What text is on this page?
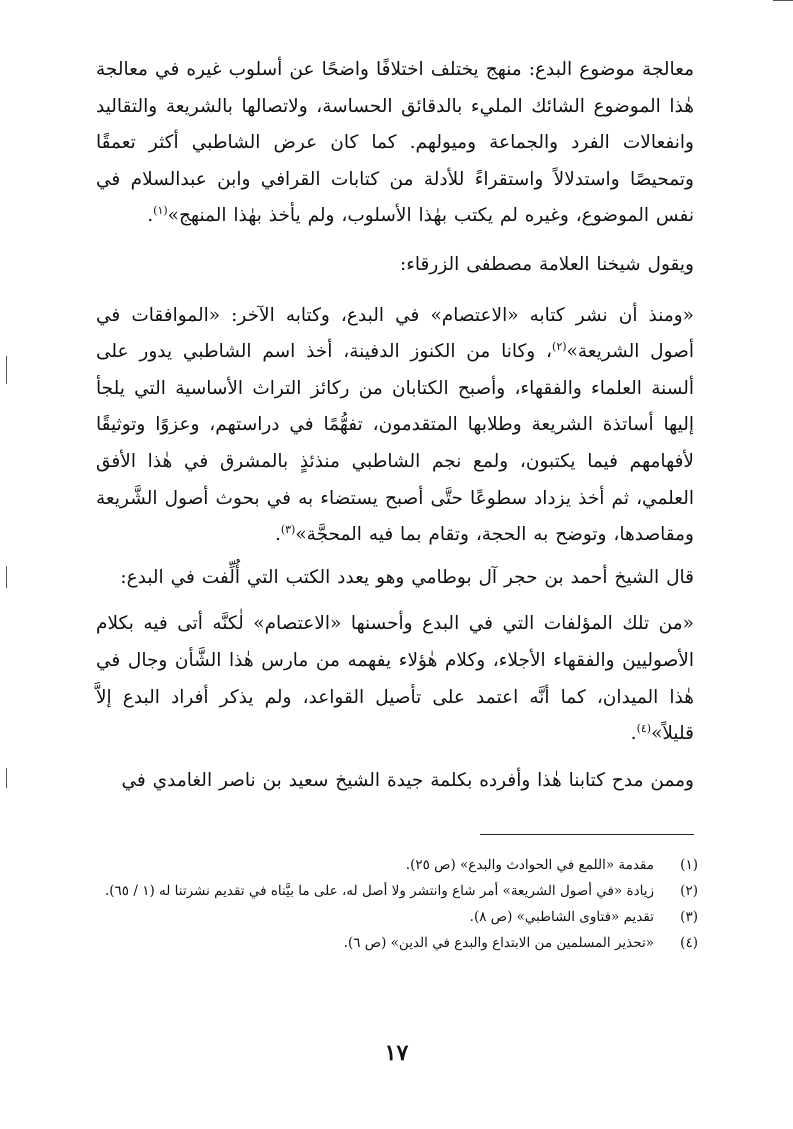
معالجة موضوع البدع: منهج يختلف اختلافًا واضحًا عن أسلوب غيره في معالجة هٰذا الموضوع الشائك المليء بالدقائق الحساسة، ولاتصالها بالشريعة والتقاليد وانفعالات الفرد والجماعة وميولهم. كما كان عرض الشاطبي أكثر تعمقًا وتمحيصًا واستدلالاً واستقراءً للأدلة من كتابات القرافي وابن عبدالسلام في نفس الموضوع، وغيره لم يكتب بهٰذا الأسلوب، ولم يأخذ بهٰذا المنهج»$^{(١)}$.

ويقول شيخنا العلامة مصطفى الزرقاء:

«ومنذ أن نشر كتابه «الاعتصام» في البدع، وكتابه الآخر: «الموافقات في أصول الشريعة»$^{(٢)}$، وكانا من الكنوز الدفينة، أخذ اسم الشاطبي يدور على ألسنة العلماء والفقهاء، وأصبح الكتابان من ركائز التراث الأساسية التي يلجأ إليها أساتذة الشريعة وطلابها المتقدمون، تفهُّمًا في دراستهم، وعزوًا وتوثيقًا لأفهامهم فيما يكتبون، ولمع نجم الشاطبي منذئذٍ بالمشرق في هٰذا الأفق العلمي، ثم أخذ يزداد سطوعًا حتَّى أصبح يستضاء به في بحوث أصول الشَّريعة ومقاصدها، وتوضح به الحجة، وتقام بما فيه المحجَّة»$^{(٣)}$.

قال الشيخ أحمد بن حجر آل بوطامي وهو يعدد الكتب التي أُلِّفت في البدع:

«من تلك المؤلفات التي في البدع وأحسنها «الاعتصام» لٰكنَّه أتى فيه بكلام الأصوليين والفقهاء الأجلاء، وكلام هٰؤلاء يفهمه من مارس هٰذا الشَّأن وجال في هٰذا الميدان، كما أنَّه اعتمد على تأصيل القواعد، ولم يذكر أفراد البدع إلاَّ قليلاً»$^{(٤)}$.

وممن مدح كتابنا هٰذا وأفرده بكلمة جيدة الشيخ سعيد بن ناصر الغامدي في

(١)
مقدمة «اللمع في الحوادث والبدع» (ص ٢٥).
(٢)
زيادة «في أصول الشريعة» أمر شاع وانتشر ولا أصل له، على ما بيَّناه في تقديم نشرتنا له (١ / ٦٥).
(٣)
تقديم «فتاوى الشاطبي» (ص ٨).
(٤)
«تحذير المسلمين من الابتداع والبدع في الدين» (ص ٦).
١٧
